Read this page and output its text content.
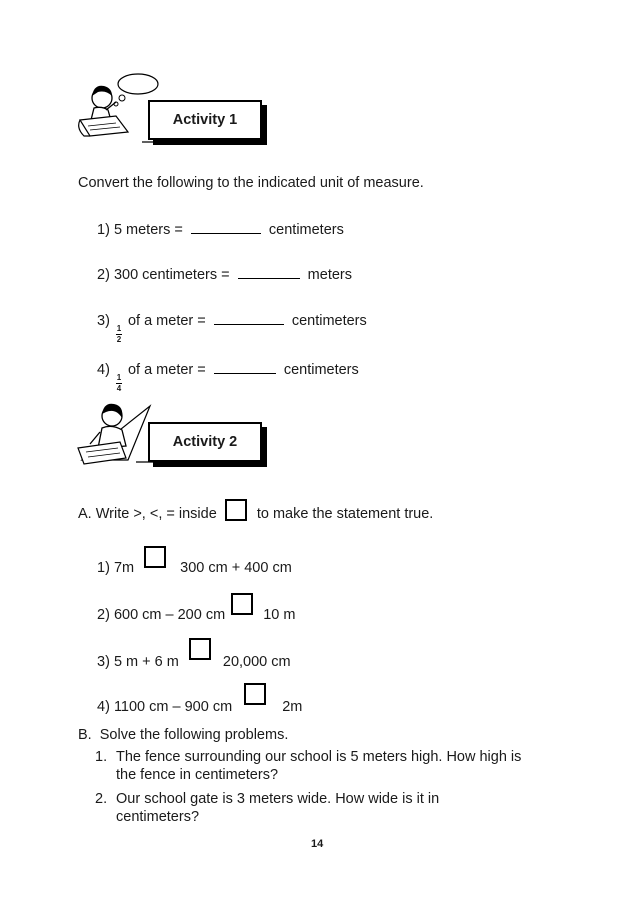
Activity 1
Convert the following to the indicated unit of measure.
1) 5 meters =	centimeters
2) 300 centimeters =	meters
3)
$\frac{1}{2}$
of a meter =	centimeters
4)
$\frac{1}{4}$
of a meter =	centimeters
Activity 2
A. Write >, <, = inside	to make the statement true.
1) 7m	300 cm + 400 cm
2) 600 cm – 200 cm	10 m
3) 5 m + 6 m	20,000 cm
4) 1100 cm – 900 cm	2m
B.  Solve the following problems.
1. The fence surrounding our school is 5 meters high. How high is
the fence in centimeters?
2. Our school gate is 3 meters wide. How wide is it in
centimeters?
14
